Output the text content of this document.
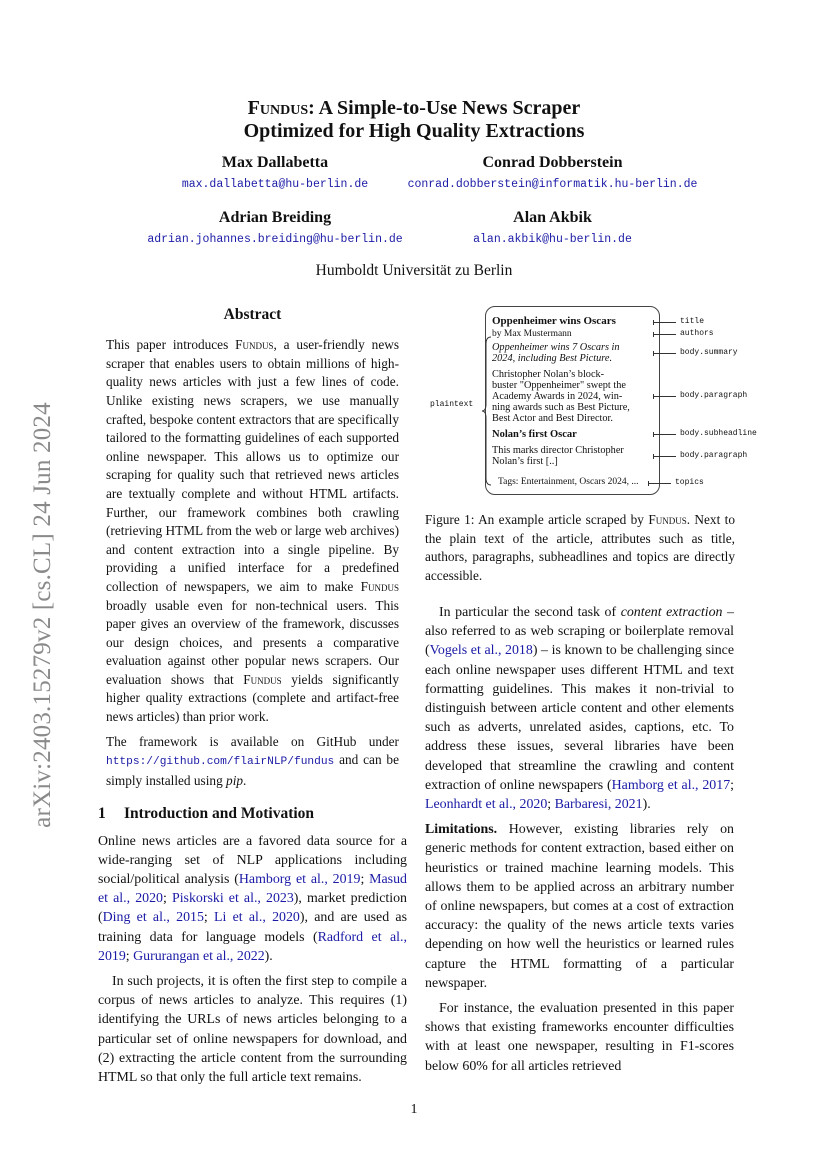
arXiv:2403.15279v2 [cs.CL] 24 Jun 2024
Fundus: A Simple-to-Use News Scraper
Optimized for High Quality Extractions
Max Dallabetta
max.dallabetta@hu-berlin.de
Conrad Dobberstein
conrad.dobberstein@informatik.hu-berlin.de
Adrian Breiding
adrian.johannes.breiding@hu-berlin.de
Alan Akbik
alan.akbik@hu-berlin.de
Humboldt Universität zu Berlin
Abstract

This paper introduces Fundus, a user-friendly news scraper that enables users to obtain millions of high-quality news articles with just a few lines of code. Unlike existing news scrapers, we use manually crafted, bespoke content extractors that are specifically tailored to the formatting guidelines of each supported online newspaper. This allows us to optimize our scraping for quality such that retrieved news articles are textually complete and without HTML artifacts. Further, our framework combines both crawling (retrieving HTML from the web or large web archives) and content extraction into a single pipeline. By providing a unified interface for a predefined collection of newspapers, we aim to make Fundus broadly usable even for non-technical users. This paper gives an overview of the framework, discusses our design choices, and presents a comparative evaluation against other popular news scrapers. Our evaluation shows that Fundus yields significantly higher quality extractions (complete and artifact-free news articles) than prior work.

The framework is available on GitHub under https://github.com/flairNLP/fundus and can be simply installed using pip.

1 Introduction and Motivation

Online news articles are a favored data source for a wide-ranging set of NLP applications including social/political analysis (Hamborg et al., 2019; Masud et al., 2020; Piskorski et al., 2023), market prediction (Ding et al., 2015; Li et al., 2020), and are used as training data for language models (Radford et al., 2019; Gururangan et al., 2022).

In such projects, it is often the first step to compile a corpus of news articles to analyze. This requires (1) identifying the URLs of news articles belonging to a particular set of online newspapers for download, and (2) extracting the article content from the surrounding HTML so that only the full article text remains.

Oppenheimer wins Oscars
by Max Mustermann
Oppenheimer wins 7 Oscars in
2024, including Best Picture.
Christopher Nolan’s block-
buster "Oppenheimer" swept the
Academy Awards in 2024, win-
ning awards such as Best Picture,
Best Actor and Best Director.
Nolan’s first Oscar
This marks director Christopher
Nolan’s first [..]
Tags: Entertainment, Oscars 2024, ...
plaintext
title
authors
body.summary
body.paragraph
body.subheadline
body.paragraph
topics
Figure 1: An example article scraped by Fundus. Next to the plain text of the article, attributes such as title, authors, paragraphs, subheadlines and topics are directly accessible.

In particular the second task of content extraction – also referred to as web scraping or boilerplate removal (Vogels et al., 2018) – is known to be challenging since each online newspaper uses different HTML and text formatting guidelines. This makes it non-trivial to distinguish between article content and other elements such as adverts, unrelated asides, captions, etc. To address these issues, several libraries have been developed that streamline the crawling and content extraction of online newspapers (Hamborg et al., 2017; Leonhardt et al., 2020; Barbaresi, 2021).

Limitations. However, existing libraries rely on generic methods for content extraction, based either on heuristics or trained machine learning models. This allows them to be applied across an arbitrary number of online newspapers, but comes at a cost of extraction accuracy: the quality of the news article texts varies depending on how well the heuristics or learned rules capture the HTML formatting of a particular newspaper.

For instance, the evaluation presented in this paper shows that existing frameworks encounter difficulties with at least one newspaper, resulting in F1-scores below 60% for all articles retrieved

1
